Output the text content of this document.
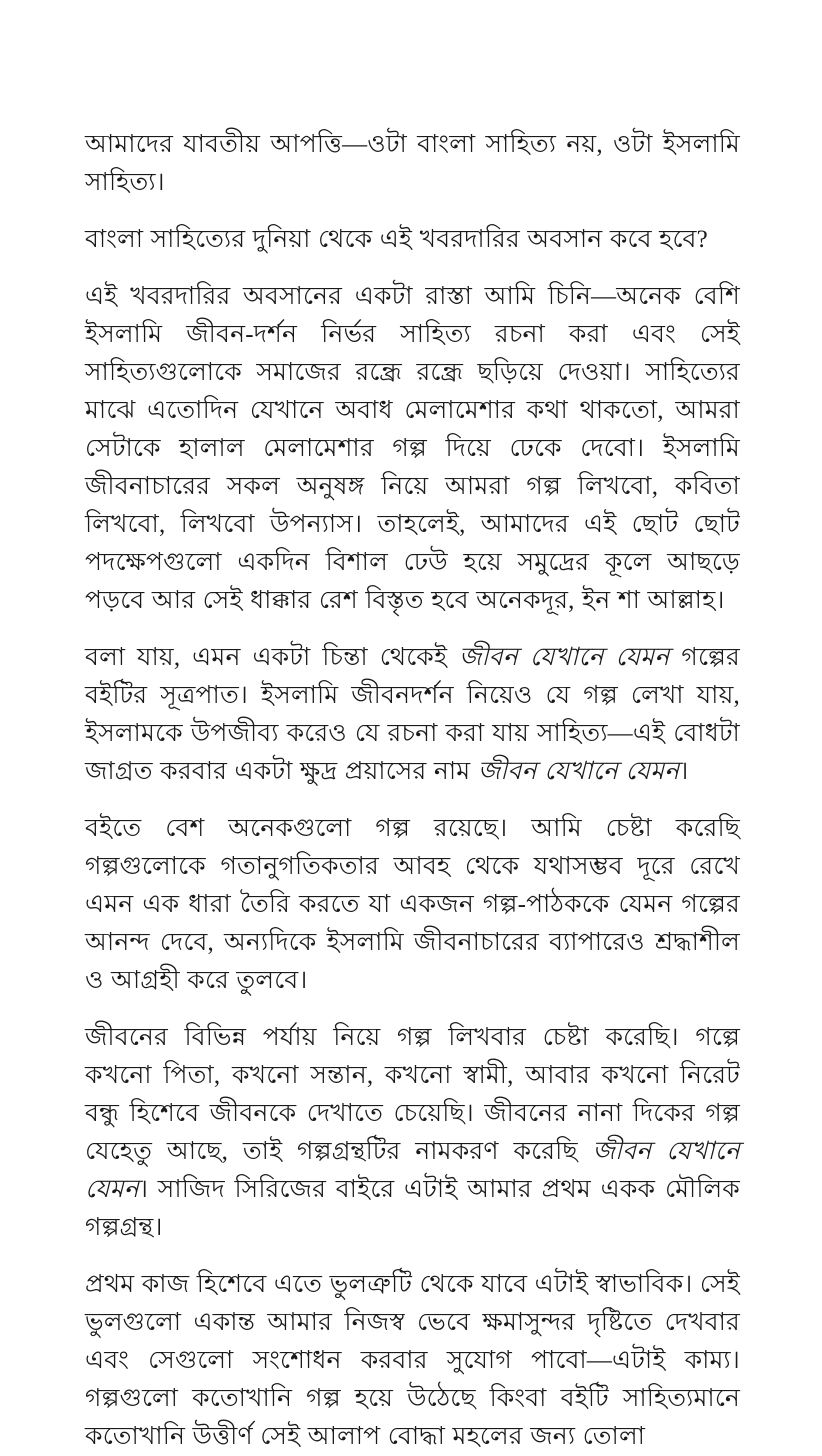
আমাদের যাবতীয় আপত্তি—ওটা বাংলা সাহিত্য নয়, ওটা ইসলামি সাহিত্য।

বাংলা সাহিত্যের দুনিয়া থেকে এই খবরদারির অবসান কবে হবে?

এই খবরদারির অবসানের একটা রাস্তা আমি চিনি—অনেক বেশি ইসলামি জীবন-দর্শন নির্ভর সাহিত্য রচনা করা এবং সেই সাহিত্যগুলোকে সমাজের রন্ধ্রে রন্ধ্রে ছড়িয়ে দেওয়া। সাহিত্যের মাঝে এতোদিন যেখানে অবাধ মেলামেশার কথা থাকতো, আমরা সেটাকে হালাল মেলামেশার গল্প দিয়ে ঢেকে দেবো। ইসলামি জীবনাচারের সকল অনুষঙ্গ নিয়ে আমরা গল্প লিখবো, কবিতা লিখবো, লিখবো উপন্যাস। তাহলেই, আমাদের এই ছোট ছোট পদক্ষেপগুলো একদিন বিশাল ঢেউ হয়ে সমুদ্রের কূলে আছড়ে পড়বে আর সেই ধাক্কার রেশ বিস্তৃত হবে অনেকদূর, ইন শা আল্লাহ।

বলা যায়, এমন একটা চিন্তা থেকেই জীবন যেখানে যেমন গল্পের বইটির সূত্রপাত। ইসলামি জীবনদর্শন নিয়েও যে গল্প লেখা যায়, ইসলামকে উপজীব্য করেও যে রচনা করা যায় সাহিত্য—এই বোধটা জাগ্রত করবার একটা ক্ষুদ্র প্রয়াসের নাম জীবন যেখানে যেমন।

বইতে বেশ অনেকগুলো গল্প রয়েছে। আমি চেষ্টা করেছি গল্পগুলোকে গতানুগতিকতার আবহ থেকে যথাসম্ভব দূরে রেখে এমন এক ধারা তৈরি করতে যা একজন গল্প-পাঠককে যেমন গল্পের আনন্দ দেবে, অন্যদিকে ইসলামি জীবনাচারের ব্যাপারেও শ্রদ্ধাশীল ও আগ্রহী করে তুলবে।

জীবনের বিভিন্ন পর্যায় নিয়ে গল্প লিখবার চেষ্টা করেছি। গল্পে কখনো পিতা, কখনো সন্তান, কখনো স্বামী, আবার কখনো নিরেট বন্ধু হিশেবে জীবনকে দেখাতে চেয়েছি। জীবনের নানা দিকের গল্প যেহেতু আছে, তাই গল্পগ্রন্থটির নামকরণ করেছি জীবন যেখানে যেমন। সাজিদ সিরিজের বাইরে এটাই আমার প্রথম একক মৌলিক গল্পগ্রন্থ।

প্রথম কাজ হিশেবে এতে ভুলত্রুটি থেকে যাবে এটাই স্বাভাবিক। সেই ভুলগুলো একান্ত আমার নিজস্ব ভেবে ক্ষমাসুন্দর দৃষ্টিতে দেখবার এবং সেগুলো সংশোধন করবার সুযোগ পাবো—এটাই কাম্য। গল্পগুলো কতোখানি গল্প হয়ে উঠেছে কিংবা বইটি সাহিত্যমানে কতোখানি উত্তীর্ণ সেই আলাপ বোদ্ধা মহলের জন্য তোলা
